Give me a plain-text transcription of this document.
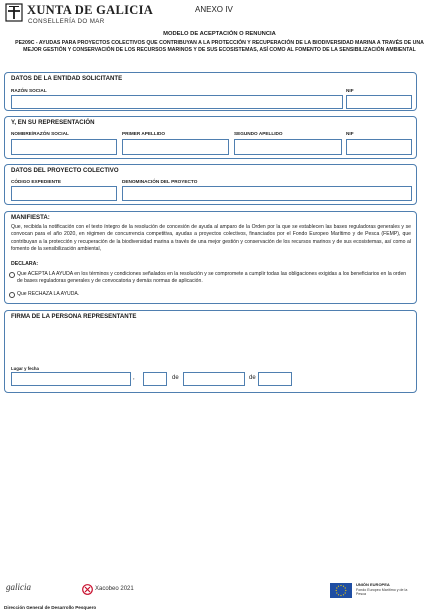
XUNTA DE GALICIA
CONSELLERÍA DO MAR
ANEXO IV
MODELO DE ACEPTACIÓN O RENUNCIA
PE209C - AYUDAS PARA PROYECTOS COLECTIVOS QUE CONTRIBUYAN A LA PROTECCIÓN Y RECUPERACIÓN DE LA BIODIVERSIDAD MARINA A TRAVÉS DE UNA MEJOR GESTIÓN Y CONSERVACIÓN DE LOS RECURSOS MARINOS Y DE SUS ECOSISTEMAS, ASÍ COMO AL FOMENTO DE LA SENSIBILIZACIÓN AMBIENTAL
DATOS DE LA ENTIDAD SOLICITANTE
RAZÓN SOCIAL	NIF
Y, EN SU REPRESENTACIÓN
NOMBRE/RAZÓN SOCIAL	PRIMER APELLIDO	SEGUNDO APELLIDO	NIF
DATOS DEL PROYECTO COLECTIVO
CÓDIGO EXPEDIENTE	DENOMINACIÓN DEL PROYECTO
MANIFIESTA:
Que, recibida la notificación con el texto íntegro de la resolución de concesión de ayuda al amparo de la Orden por la que se establecen las bases reguladoras generales y se convocan para el año 2020, en régimen de concurrencia competitiva, ayudas a proyectos colectivos, financiados por el Fondo Europeo Marítimo y de Pesca (FEMP), que contribuyan a la protección y recuperación de la biodiversidad marina a través de una mejor gestión y conservación de los recursos marinos y de sus ecosistemas, así como al fomento de la sensibilización ambiental,
DECLARA:
Que ACEPTA LA AYUDA en los términos y condiciones señalados en la resolución y se compromete a cumplir todas las obligaciones exigidas a los beneficiarios en la orden de bases reguladoras generales y de convocatoria y demás normas de aplicación.
Que RECHAZA LA AYUDA.
FIRMA DE LA PERSONA REPRESENTANTE
Lugar y fecha
,	de	de
galicia	Xacobeo 2021
UNIÓN EUROPEA
Fondo Europeo Marítimo y de la Pesca
Dirección General de Desarrollo Pesquero
